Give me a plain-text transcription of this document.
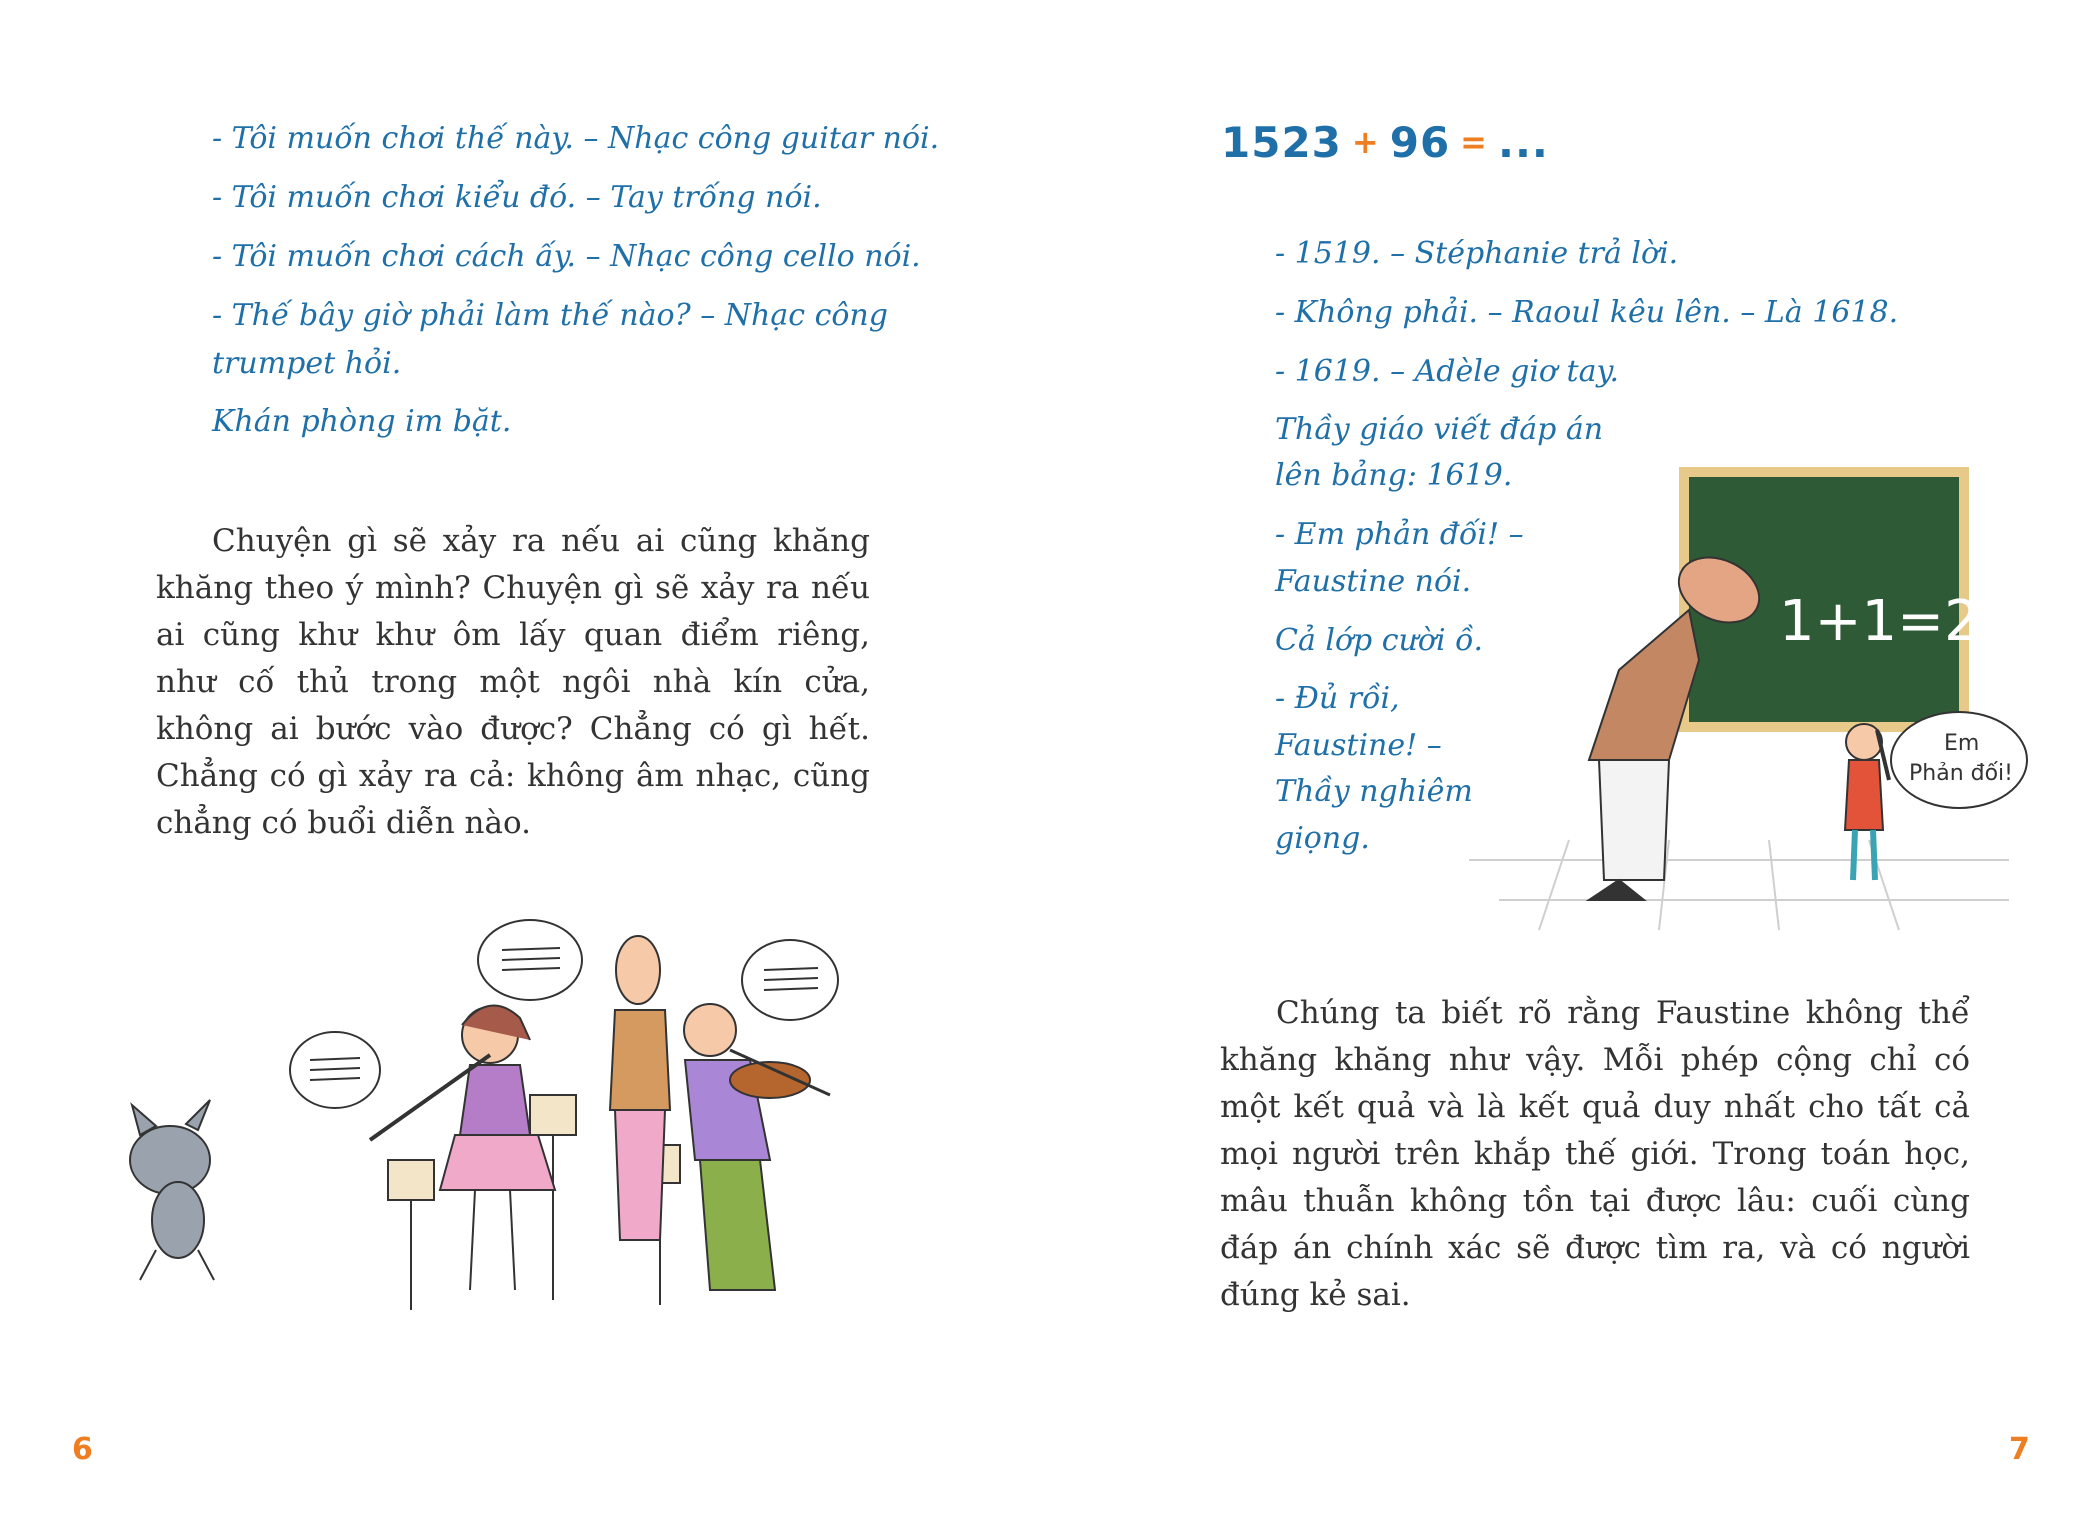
- Tôi muốn chơi thế này. – Nhạc công guitar nói.

- Tôi muốn chơi kiểu đó. – Tay trống nói.

- Tôi muốn chơi cách ấy. – Nhạc công cello nói.

- Thế bây giờ phải làm thế nào? – Nhạc công

trumpet hỏi.

Khán phòng im bặt.

Chuyện gì sẽ xảy ra nếu ai cũng khăng khăng theo ý mình? Chuyện gì sẽ xảy ra nếu ai cũng khư khư ôm lấy quan điểm riêng, như cố thủ trong một ngôi nhà kín cửa, không ai bước vào được? Chẳng có gì hết. Chẳng có gì xảy ra cả: không âm nhạc, cũng chẳng có buổi diễn nào.

6
1523 + 96 = ...

- 1519. – Stéphanie trả lời.

- Không phải. – Raoul kêu lên. – Là 1618.

- 1619. – Adèle giơ tay.

Thầy giáo viết đáp án

lên bảng: 1619.

- Em phản đối! –

Faustine nói.

Cả lớp cười ồ.

- Đủ rồi,

Faustine! –

Thầy nghiêm

giọng.

1+1=2
Em
Phản đối!

Chúng ta biết rõ rằng Faustine không thể khăng khăng như vậy. Mỗi phép cộng chỉ có một kết quả và là kết quả duy nhất cho tất cả mọi người trên khắp thế giới. Trong toán học, mâu thuẫn không tồn tại được lâu: cuối cùng đáp án chính xác sẽ được tìm ra, và có người đúng kẻ sai.

7
